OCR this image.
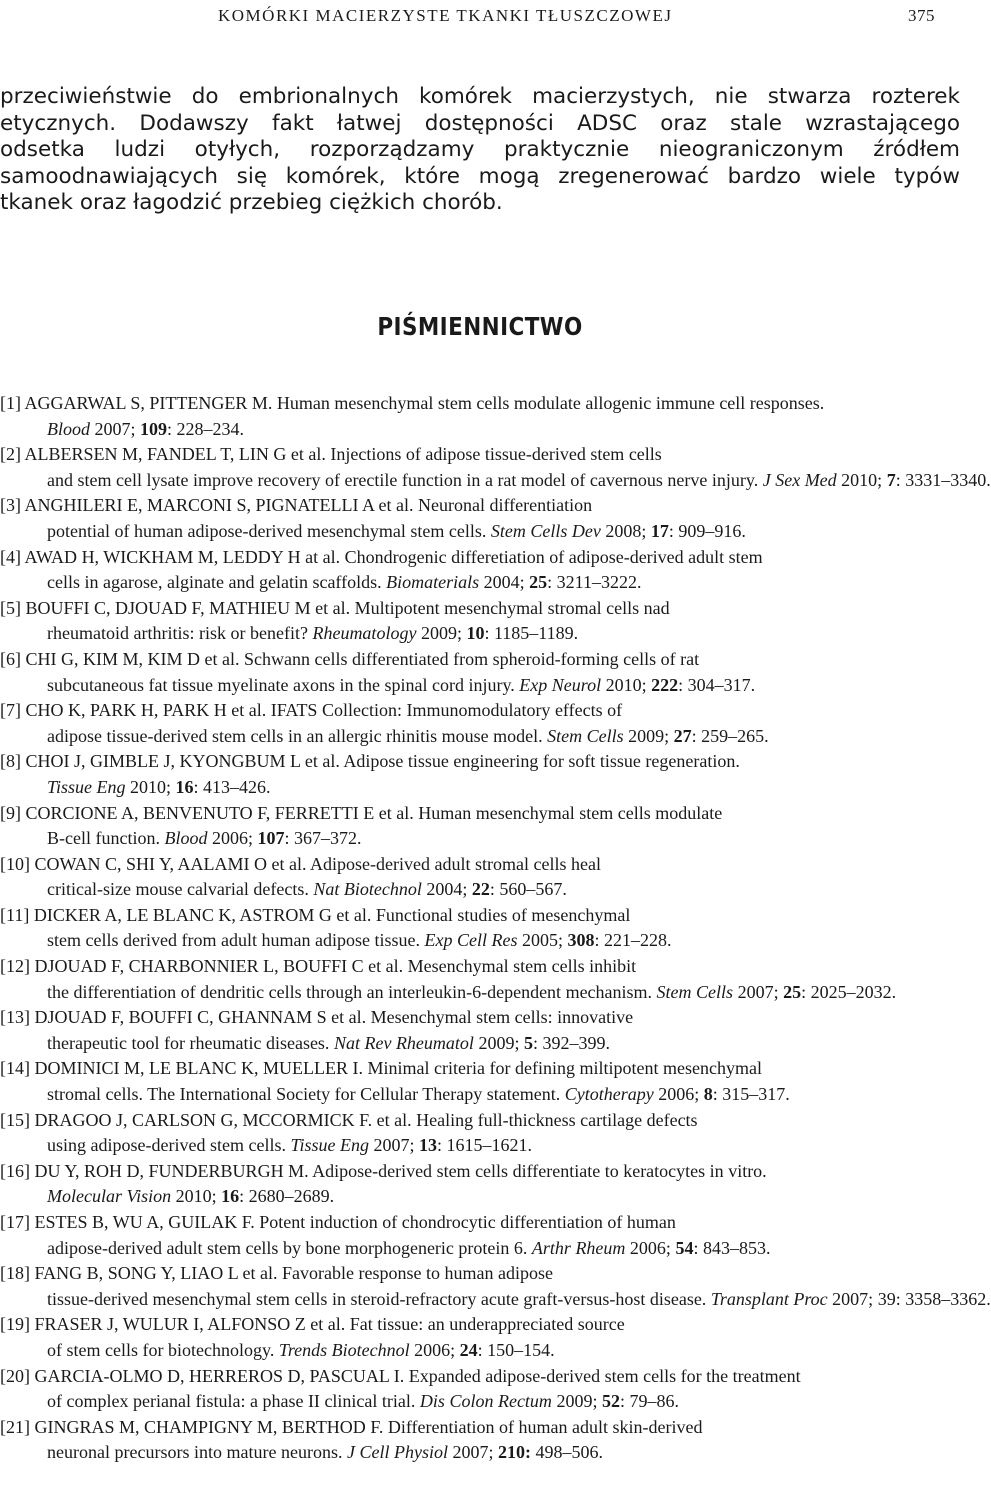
KOMÓRKI MACIERZYSTE TKANKI TŁUSZCZOWEJ	375
przeciwieństwie do embrionalnych komórek macierzystych, nie stwarza rozterek
etycznych. Dodawszy fakt łatwej dostępności ADSC oraz stale wzrastającego
odsetka ludzi otyłych, rozporządzamy praktycznie nieograniczonym źródłem
samoodnawiających się komórek, które mogą zregenerować bardzo wiele typów
tkanek oraz łagodzić przebieg ciężkich chorób.
PIŚMIENNICTWO
[1] AGGARWAL S, PITTENGER M. Human mesenchymal stem cells modulate allogenic immune cell responses.
Blood 2007; 109: 228–234.
[2] ALBERSEN M, FANDEL T, LIN G et al. Injections of adipose tissue-derived stem cells
and stem cell lysate improve recovery of erectile function in a rat model of cavernous nerve injury. J Sex Med 2010; 7: 3331–3340.
[3] ANGHILERI E, MARCONI S, PIGNATELLI A et al. Neuronal differentiation
potential of human adipose-derived mesenchymal stem cells. Stem Cells Dev 2008; 17: 909–916.
[4] AWAD H, WICKHAM M, LEDDY H at al. Chondrogenic differetiation of adipose-derived adult stem
cells in agarose, alginate and gelatin scaffolds. Biomaterials 2004; 25: 3211–3222.
[5] BOUFFI C, DJOUAD F, MATHIEU M et al. Multipotent mesenchymal stromal cells nad
rheumatoid arthritis: risk or benefit? Rheumatology 2009; 10: 1185–1189.
[6] CHI G, KIM M, KIM D et al. Schwann cells differentiated from spheroid-forming cells of rat
subcutaneous fat tissue myelinate axons in the spinal cord injury. Exp Neurol 2010; 222: 304–317.
[7] CHO K, PARK H, PARK H et al. IFATS Collection: Immunomodulatory effects of
adipose tissue-derived stem cells in an allergic rhinitis mouse model. Stem Cells 2009; 27: 259–265.
[8] CHOI J, GIMBLE J, KYONGBUM L et al. Adipose tissue engineering for soft tissue regeneration.
Tissue Eng 2010; 16: 413–426.
[9] CORCIONE A, BENVENUTO F, FERRETTI E et al. Human mesenchymal stem cells modulate
B-cell function. Blood 2006; 107: 367–372.
[10] COWAN C, SHI Y, AALAMI O et al. Adipose-derived adult stromal cells heal
critical-size mouse calvarial defects. Nat Biotechnol 2004; 22: 560–567.
[11] DICKER A, LE BLANC K, ASTROM G et al. Functional studies of mesenchymal
stem cells derived from adult human adipose tissue. Exp Cell Res 2005; 308: 221–228.
[12] DJOUAD F, CHARBONNIER L, BOUFFI C et al. Mesenchymal stem cells inhibit
the differentiation of dendritic cells through an interleukin-6-dependent mechanism. Stem Cells 2007; 25: 2025–2032.
[13] DJOUAD F, BOUFFI C, GHANNAM S et al. Mesenchymal stem cells: innovative
therapeutic tool for rheumatic diseases. Nat Rev Rheumatol 2009; 5: 392–399.
[14] DOMINICI M, LE BLANC K, MUELLER I. Minimal criteria for defining miltipotent mesenchymal
stromal cells. The International Society for Cellular Therapy statement. Cytotherapy 2006; 8: 315–317.
[15] DRAGOO J, CARLSON G, MCCORMICK F. et al. Healing full-thickness cartilage defects
using adipose-derived stem cells. Tissue Eng 2007; 13: 1615–1621.
[16] DU Y, ROH D, FUNDERBURGH M. Adipose-derived stem cells differentiate to keratocytes in vitro.
Molecular Vision 2010; 16: 2680–2689.
[17] ESTES B, WU A, GUILAK F. Potent induction of chondrocytic differentiation of human
adipose-derived adult stem cells by bone morphogeneric protein 6. Arthr Rheum 2006; 54: 843–853.
[18] FANG B, SONG Y, LIAO L et al. Favorable response to human adipose
tissue-derived mesenchymal stem cells in steroid-refractory acute graft-versus-host disease. Transplant Proc 2007; 39: 3358–3362.
[19] FRASER J, WULUR I, ALFONSO Z et al. Fat tissue: an underappreciated source
of stem cells for biotechnology. Trends Biotechnol 2006; 24: 150–154.
[20] GARCIA-OLMO D, HERREROS D, PASCUAL I. Expanded adipose-derived stem cells for the treatment
of complex perianal fistula: a phase II clinical trial. Dis Colon Rectum 2009; 52: 79–86.
[21] GINGRAS M, CHAMPIGNY M, BERTHOD F. Differentiation of human adult skin-derived
neuronal precursors into mature neurons. J Cell Physiol 2007; 210: 498–506.
